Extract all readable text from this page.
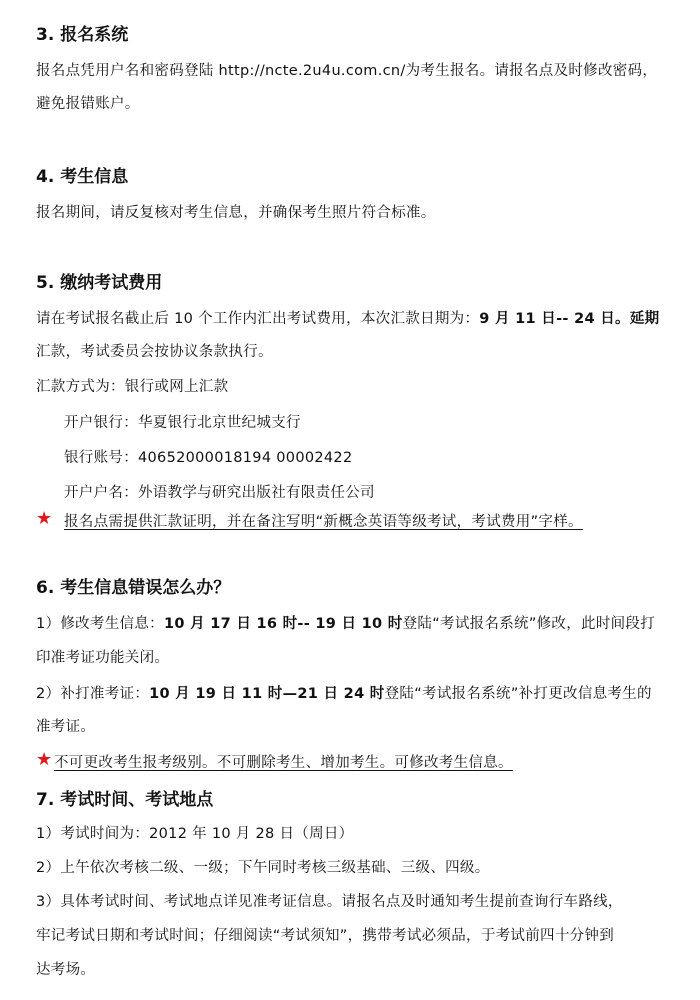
3. 报名系统
报名点凭用户名和密码登陆 http://ncte.2u4u.com.cn/为考生报名。请报名点及时修改密码，
避免报错账户。
4. 考生信息
报名期间，请反复核对考生信息，并确保考生照片符合标准。
5. 缴纳考试费用
请在考试报名截止后 10 个工作内汇出考试费用，本次汇款日期为：9 月 11 日-- 24 日。延期
汇款，考试委员会按协议条款执行。
汇款方式为：银行或网上汇款
开户银行：华夏银行北京世纪城支行
银行账号：40652000018194 00002422
开户户名：外语教学与研究出版社有限责任公司
★ 报名点需提供汇款证明，并在备注写明“新概念英语等级考试，考试费用”字样。
6. 考生信息错误怎么办？
1）修改考生信息：10 月 17 日 16 时-- 19 日 10 时登陆“考试报名系统”修改，此时间段打
印准考证功能关闭。
2）补打准考证：10 月 19 日 11 时—21 日 24 时登陆“考试报名系统”补打更改信息考生的
准考证。
★ 不可更改考生报考级别。不可删除考生、增加考生。可修改考生信息。
7. 考试时间、考试地点
1）考试时间为：2012 年 10 月 28 日（周日）
2）上午依次考核二级、一级；下午同时考核三级基础、三级、四级。
3）具体考试时间、考试地点详见准考证信息。请报名点及时通知考生提前查询行车路线，
牢记考试日期和考试时间；仔细阅读“考试须知”，携带考试必须品，于考试前四十分钟到
达考场。
